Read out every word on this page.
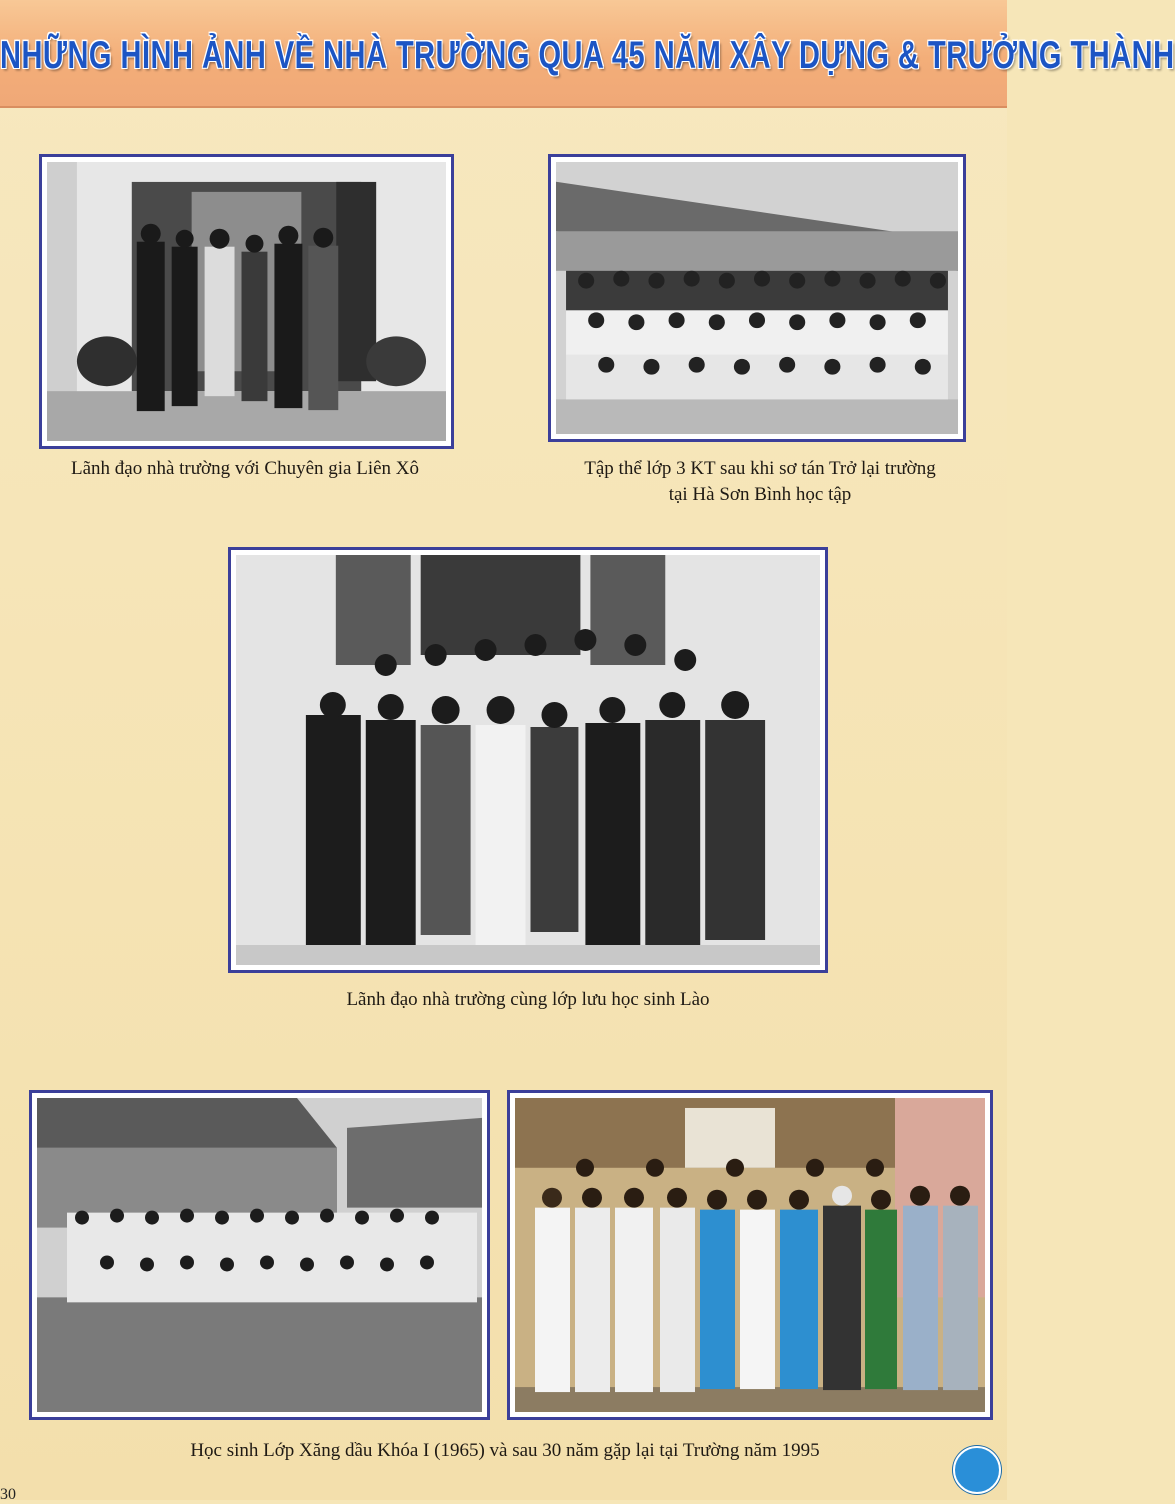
NHỮNG HÌNH ẢNH VỀ NHÀ TRƯỜNG QUA 45 NĂM XÂY DỰNG & TRƯỞNG THÀNH
Lãnh đạo nhà trường với Chuyên gia Liên Xô	Tập thể lớp 3 KT sau khi sơ tán Trở lại trường
tại Hà Sơn Bình học tập
Lãnh đạo nhà trường cùng lớp lưu học sinh Lào
Học sinh Lớp Xăng dầu Khóa I (1965) và sau 30 năm gặp lại tại Trường năm 1995
30
